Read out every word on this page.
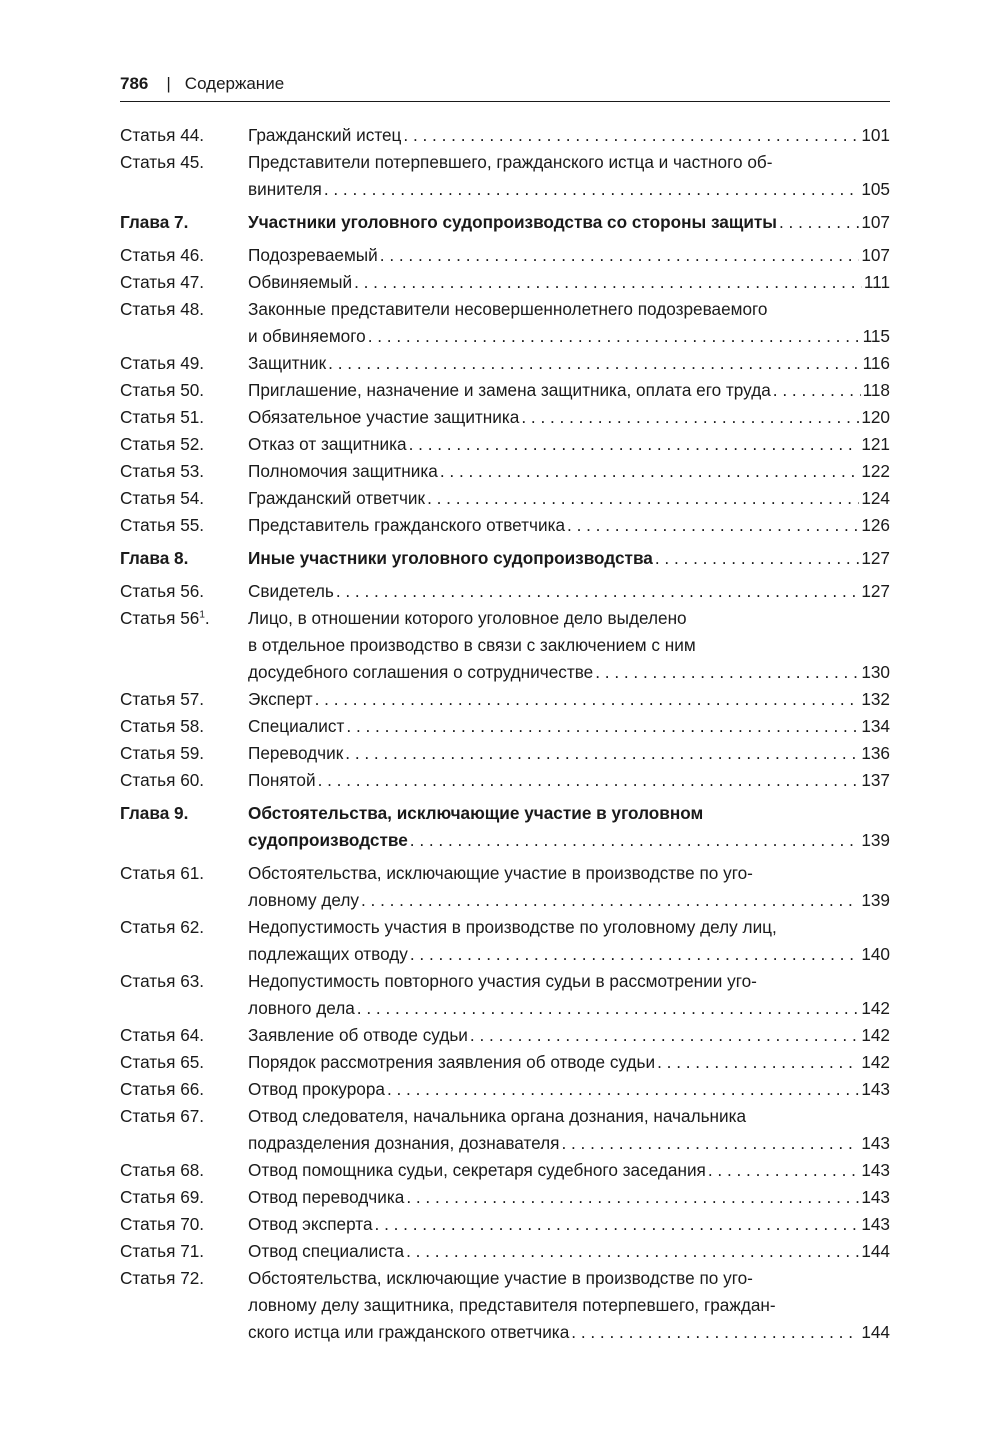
786 | Содержание
Статья 44.	Гражданский истец . . .	101
Статья 45.	Представители потерпевшего, гражданского истца и частного об-
винителя . . .	105
Глава 7.	Участники уголовного судопроизводства со стороны защиты . . .	107
Статья 46.	Подозреваемый . . .	107
Статья 47.	Обвиняемый . . .	111
Статья 48.	Законные представители несовершеннолетнего подозреваемого
и обвиняемого . . .	115
Статья 49.	Защитник . . .	116
Статья 50.	Приглашение, назначение и замена защитника, оплата его труда . . .	118
Статья 51.	Обязательное участие защитника . . .	120
Статья 52.	Отказ от защитника . . .	121
Статья 53.	Полномочия защитника . . .	122
Статья 54.	Гражданский ответчик . . .	124
Статья 55.	Представитель гражданского ответчика . . .	126
Глава 8.	Иные участники уголовного судопроизводства . . .	127
Статья 56.	Свидетель . . .	127
Статья $56^1$.	Лицо, в отношении которого уголовное дело выделено
в отдельное производство в связи с заключением с ним
досудебного соглашения о сотрудничестве . . .	130
Статья 57.	Эксперт . . .	132
Статья 58.	Специалист . . .	134
Статья 59.	Переводчик . . .	136
Статья 60.	Понятой . . .	137
Глава 9.	Обстоятельства, исключающие участие в уголовном
судопроизводстве . . .	139
Статья 61.	Обстоятельства, исключающие участие в производстве по уго-
ловному делу . . .	139
Статья 62.	Недопустимость участия в производстве по уголовному делу лиц,
подлежащих отводу . . .	140
Статья 63.	Недопустимость повторного участия судьи в рассмотрении уго-
ловного дела . . .	142
Статья 64.	Заявление об отводе судьи . . .	142
Статья 65.	Порядок рассмотрения заявления об отводе судьи . . .	142
Статья 66.	Отвод прокурора . . .	143
Статья 67.	Отвод следователя, начальника органа дознания, начальника
подразделения дознания, дознавателя . . .	143
Статья 68.	Отвод помощника судьи, секретаря судебного заседания . . .	143
Статья 69.	Отвод переводчика . . .	143
Статья 70.	Отвод эксперта . . .	143
Статья 71.	Отвод специалиста . . .	144
Статья 72.	Обстоятельства, исключающие участие в производстве по уго-
ловному делу защитника, представителя потерпевшего, граждан-
ского истца или гражданского ответчика . . .	144
